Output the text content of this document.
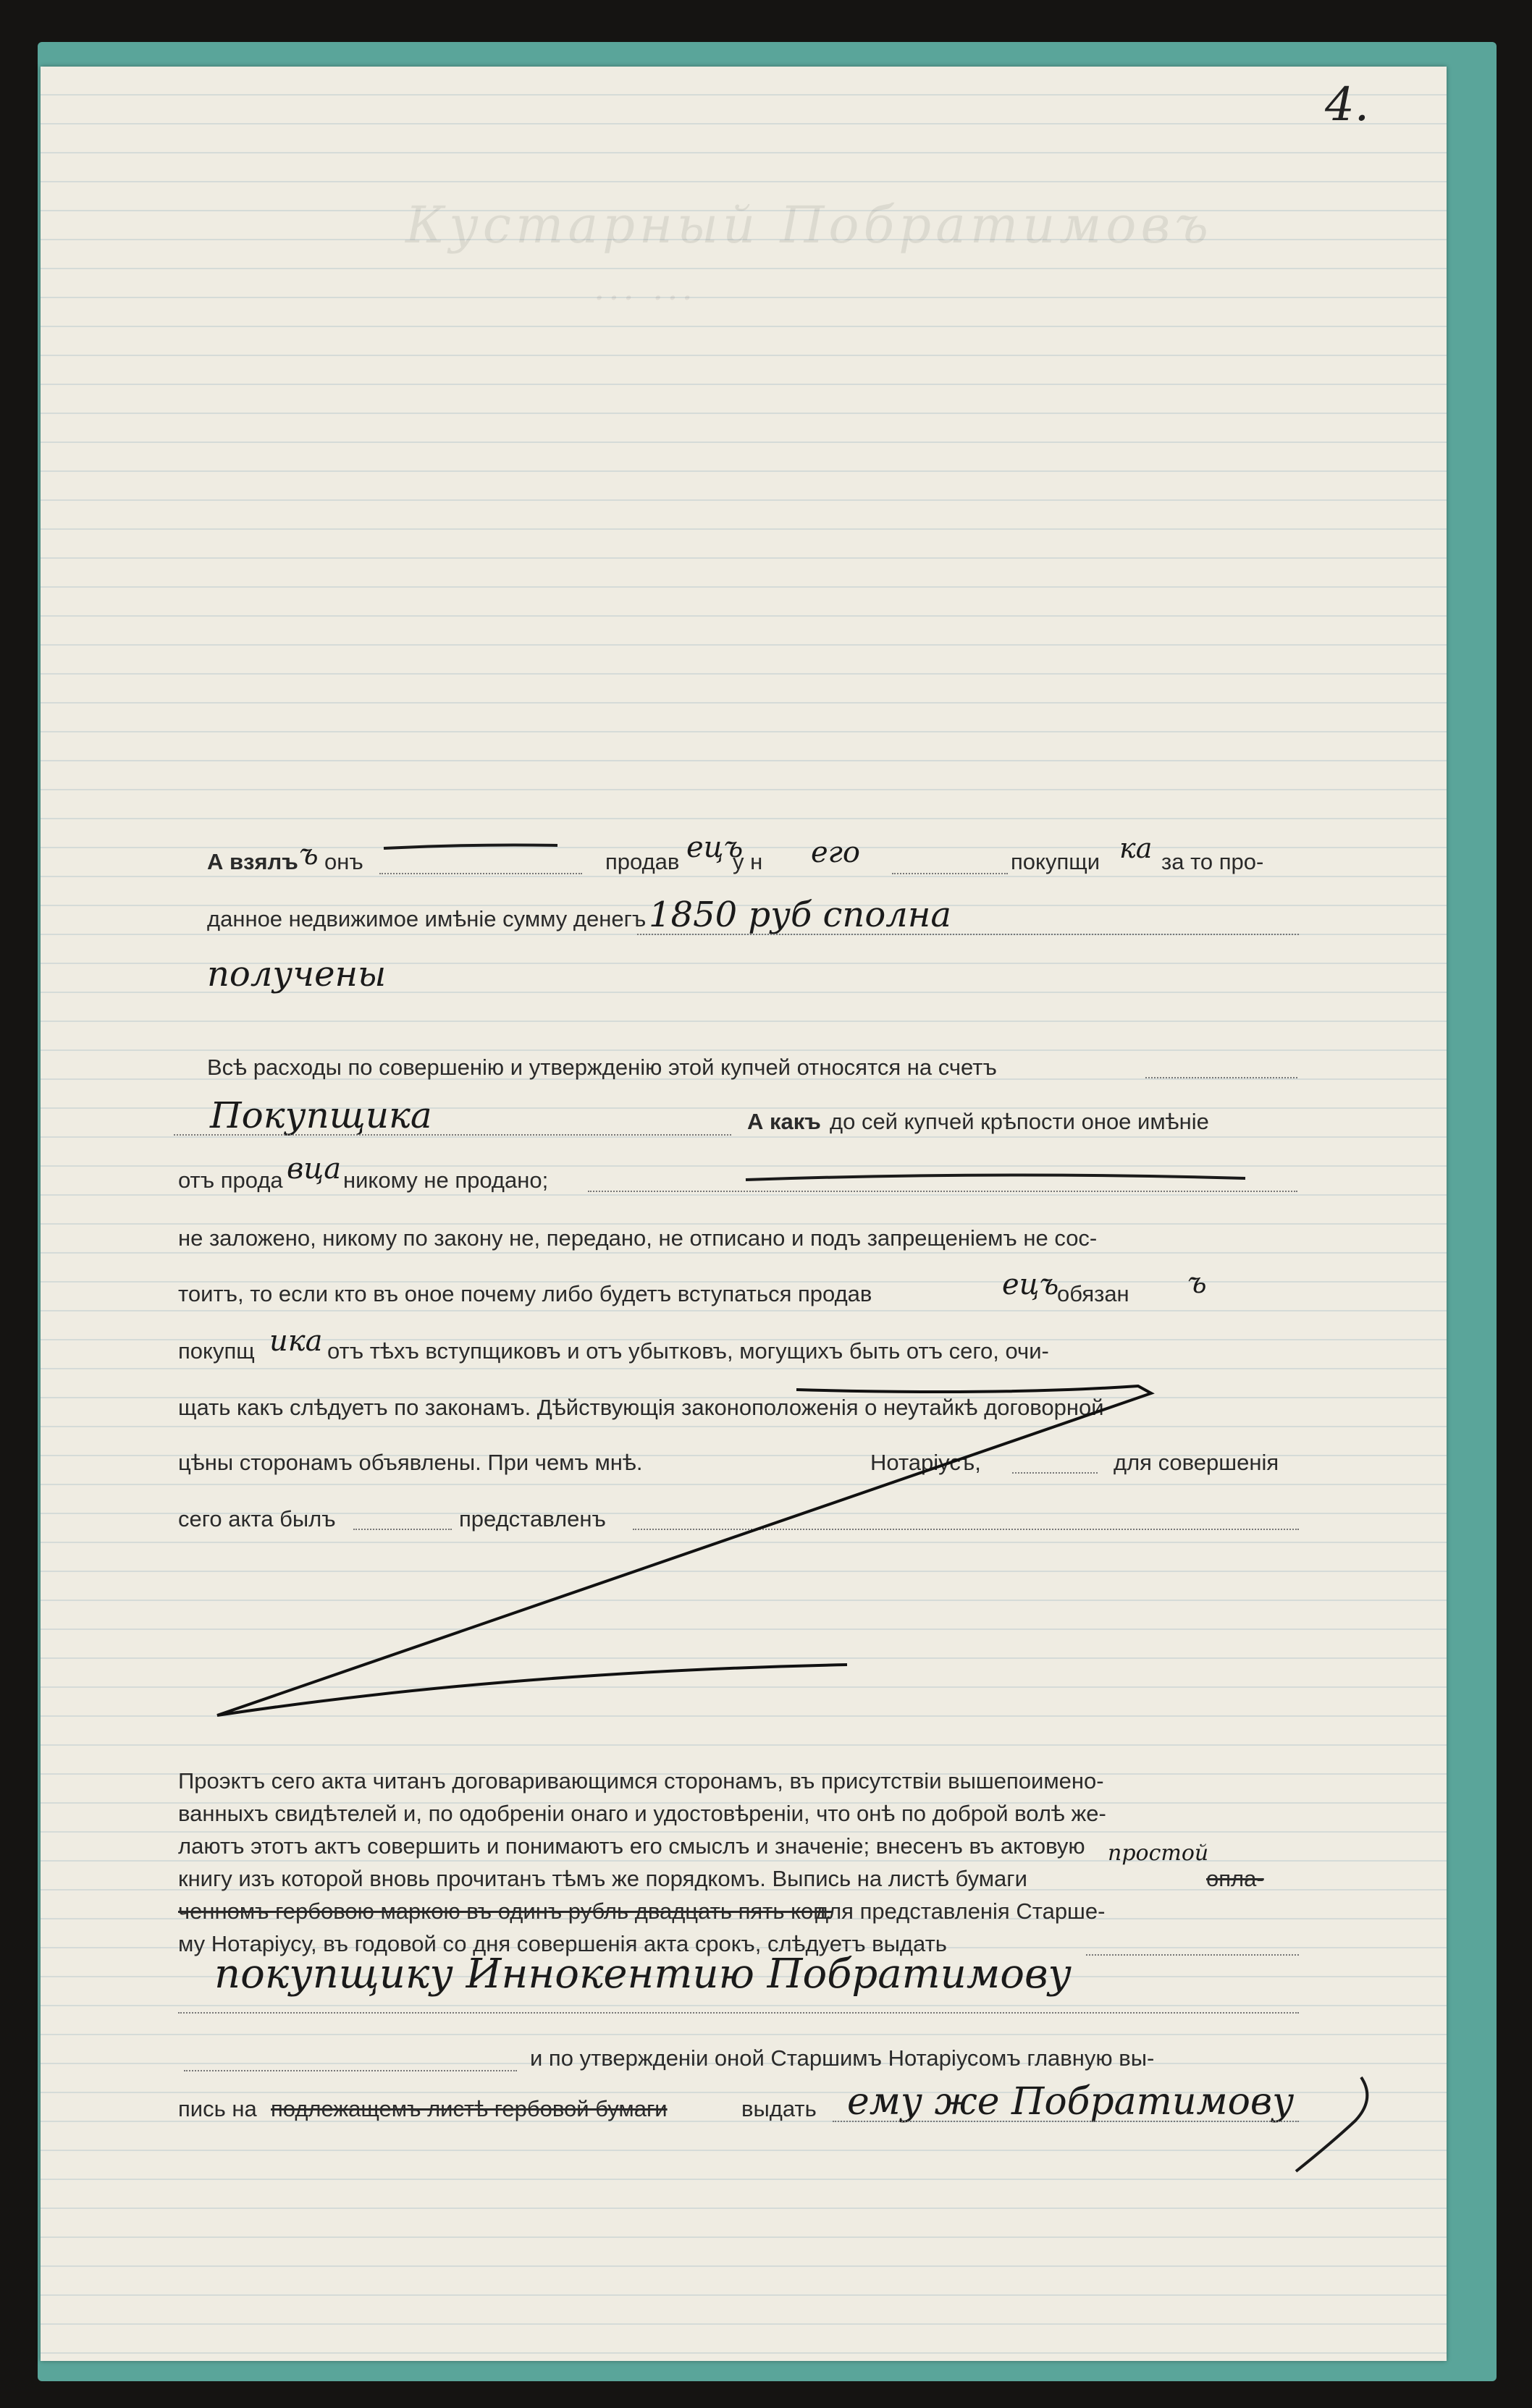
4.
Кустарный Побратимовъ
... ...
А взялъ ъ онъ	продав ецъ
у н его	покупщи ка за то про-
данное недвижимое имѣнiе сумму денегъ 1850 руб сполна
получены
Всѣ расходы по совершенiю и утвержденiю этой купчей относятся на счетъ
Покупщика	А какъ до сей купчей крѣпости оное имѣнiе
отъ прода вца никому не продано;
не заложено, никому по закону не, передано, не отписано и подъ запрещенiемъ не сос-
тоитъ, то если кто въ оное почему либо будетъ вступаться продав	ецъ
обязан ъ
покупщ ика отъ тѣхъ вступщиковъ и отъ убытковъ, могущихъ быть отъ сего, очи-
щать какъ слѣдуетъ по законамъ. Дѣйствующiя законоположенiя о неутайкѣ договорной
цѣны сторонамъ объявлены. При чемъ мнѣ.	Нотарiусъ,	для совершенiя
сего акта былъ	представленъ
Проэктъ сего акта читанъ договаривающимся сторонамъ, въ присутствiи вышепоимено-
ванныхъ свидѣтелей и, по одобренiи онаго и удостовѣренiи, что онѣ по доброй волѣ же-
лаютъ этотъ актъ совершить и понимаютъ его смыслъ и значенiе; внесенъ въ актовую
книгу изъ которой вновь прочитанъ тѣмъ же порядкомъ. Выпись на листѣ бумаги
простой
опла-
ченномъ гербовою маркою въ одинъ рубль двадцать пять коп.
для представленiя Старше-
му Нотарiусу, въ годовой со дня совершенiя акта срокъ, слѣдуетъ выдать
покупщику Иннокентию Побратимову
и по утвержденiи оной Старшимъ Нотарiусомъ главную вы-
пись на подлежащемъ листѣ гербовой бумаги	выдать ему же Побратимову
